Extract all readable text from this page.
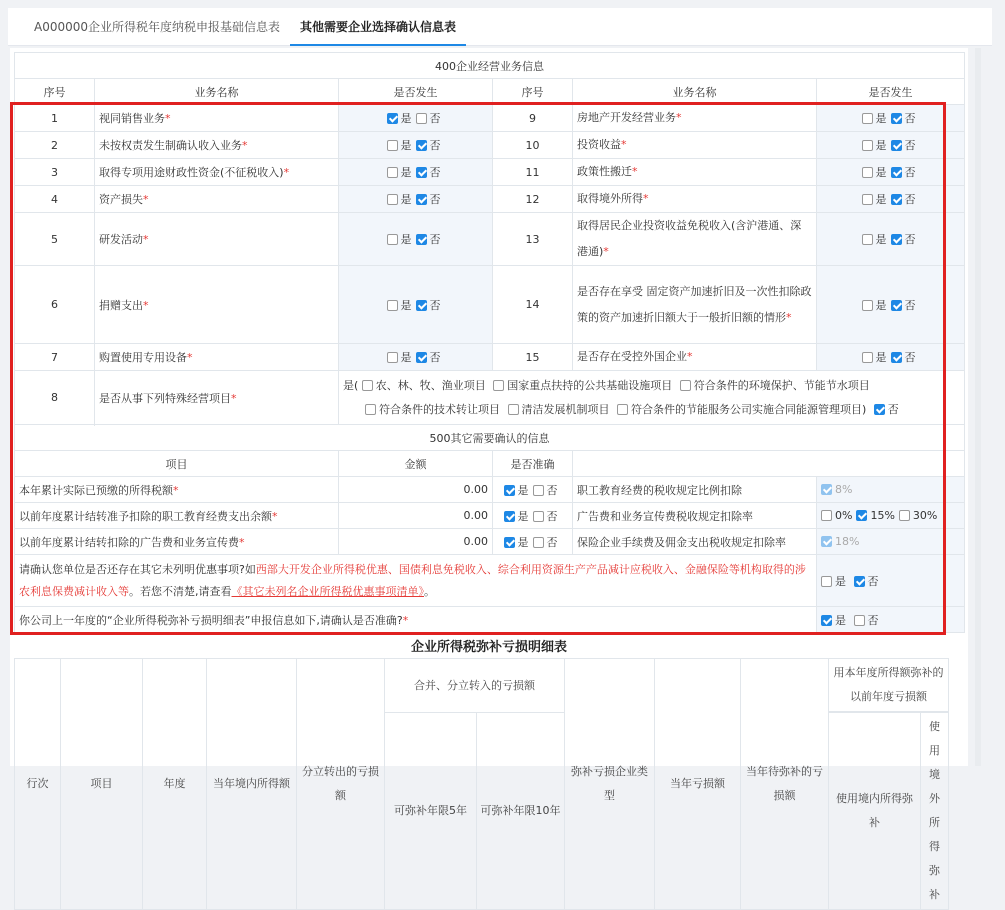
A000000企业所得税年度纳税申报基础信息表	其他需要企业选择确认信息表
400企业经营业务信息					
序号	业务名称	是否发生	序号	业务名称	是否发生
1	视同销售业务*	是 否	9	房地产开发经营业务*	是 否
2	未按权责发生制确认收入业务*	是 否	10	投资收益*	是 否
3	取得专项用途财政性资金(不征税收入)*	是 否	11	政策性搬迁*	是 否
4	资产损失*	是 否	12	取得境外所得*	是 否
5	研发活动*	是 否	13	取得居民企业投资收益免税收入(含沪港通、深港通)*	是 否
6	捐赠支出*	是 否	14	是否存在享受 固定资产加速折旧及一次性扣除政策的资产加速折旧额大于一般折旧额的情形*	是 否
7	购置使用专用设备*	是 否	15	是否存在受控外国企业*	是 否
8	是否从事下列特殊经营项目*	是( 农、林、牧、渔业项目 国家重点扶持的公共基础设施项目 符合条件的环境保护、节能节水项目
符合条件的技术转让项目 清洁发展机制项目 符合条件的节能服务公司实施合同能源管理项目) 否			

500其它需要确认的信息					
项目		金额	是否准确		
本年累计实际已预缴的所得税额*		0.00	是 否	职工教育经费的税收规定比例扣除	8%
以前年度累计结转准予扣除的职工教育经费支出余额*		0.00	是 否	广告费和业务宣传费税收规定扣除率	0% 15% 30%
以前年度累计结转扣除的广告费和业务宣传费*		0.00	是 否	保险企业手续费及佣金支出税收规定扣除率	18%
请确认您单位是否还存在其它未列明优惠事项?如西部大开发企业所得税优惠、国债利息免税收入、综合利用资源生产产品减计应税收入、金融保险等机构取得的涉农利息保费减计收入等。若您不清楚,请查看《其它未列名企业所得税优惠事项清单》。					是 否
你公司上一年度的“企业所得税弥补亏损明细表”申报信息如下,请确认是否准确?*					是 否
企业所得税弥补亏损明细表
行次	项目	年度	当年境内所得额	分立转出的亏损额	合并、分立转入的亏损额		弥补亏损企业类型	当年亏损额	当年待弥补的亏损额	用本年度所得额弥补的以前年度亏损额	

					可弥补年限5年	可弥补年限10年				使用境内所得弥补	使用境外所得弥补
